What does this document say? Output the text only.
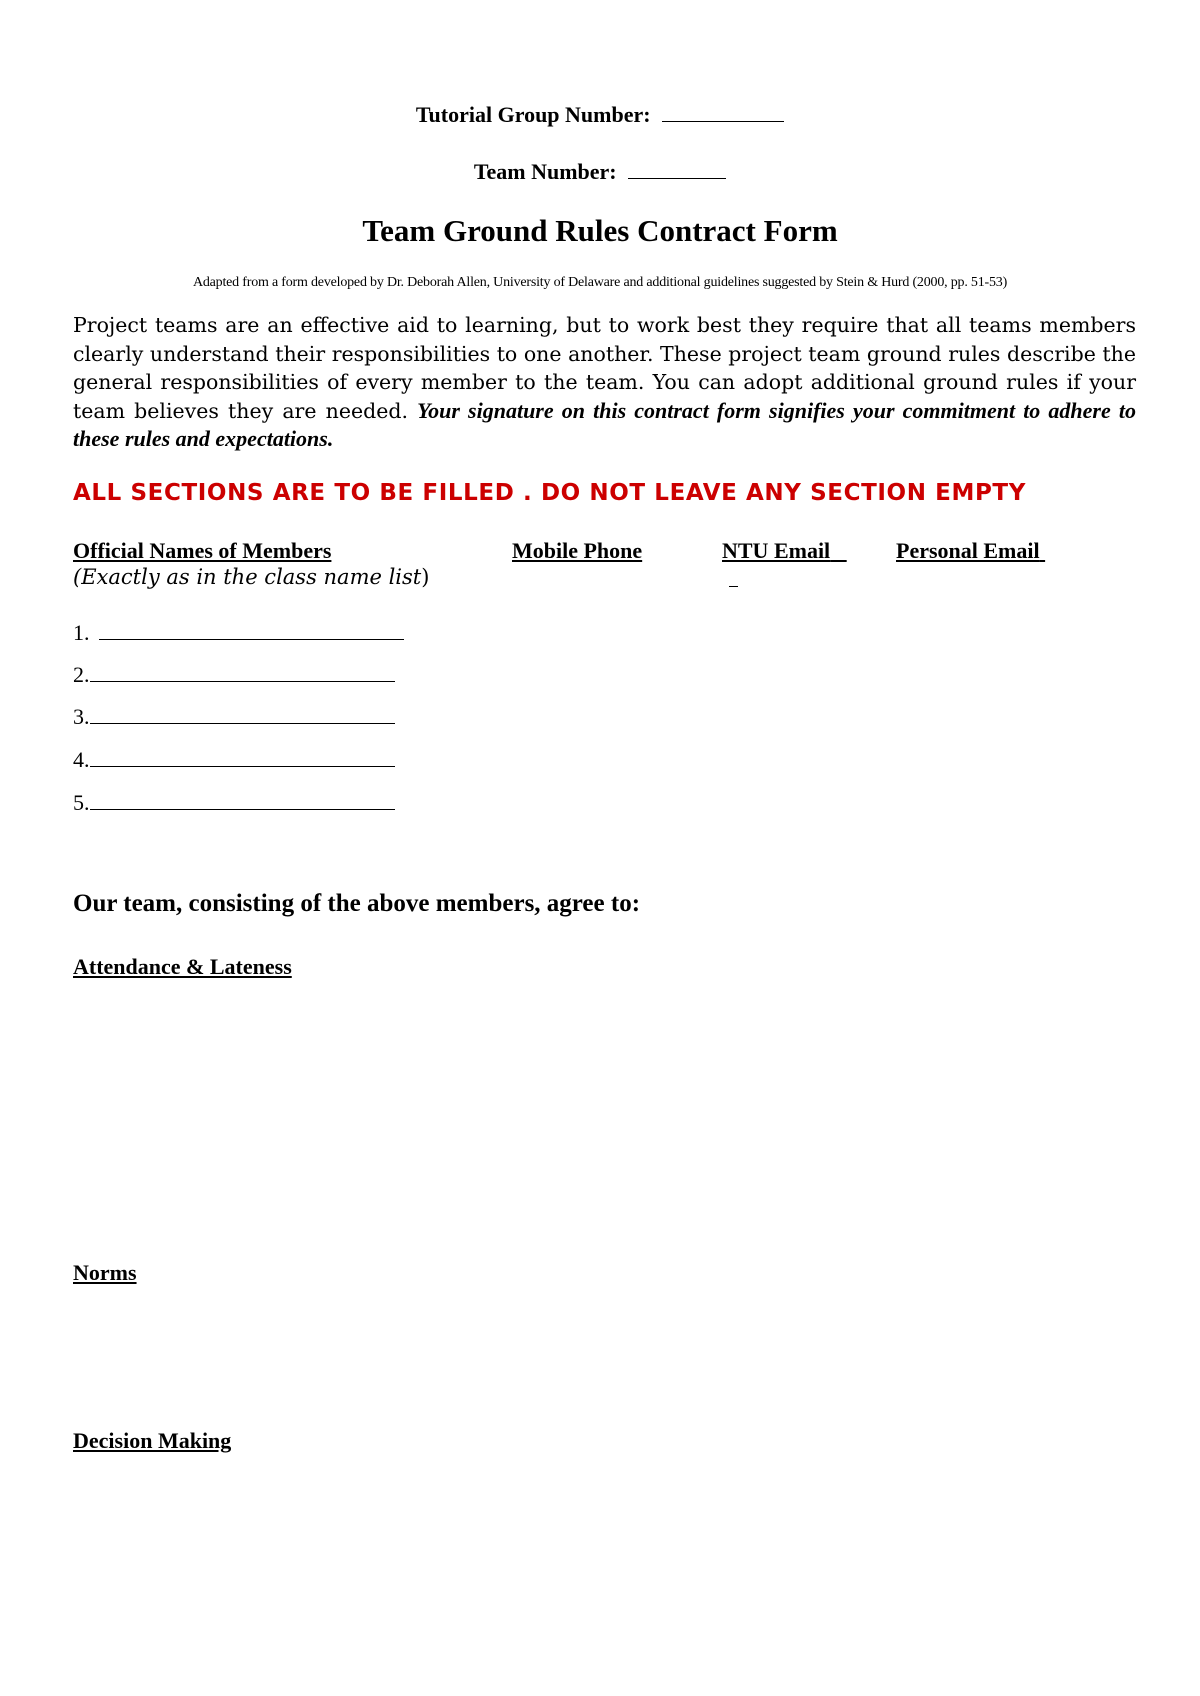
Tutorial Group Number:
Team Number:
Team Ground Rules Contract Form
Adapted from a form developed by Dr. Deborah Allen, University of Delaware and additional guidelines suggested by Stein & Hurd (2000, pp. 51-53)

Project teams are an effective aid to learning, but to work best they require that all teams members clearly understand their responsibilities to one another. These project team ground rules describe the general responsibilities of every member to the team. You can adopt additional ground rules if your team believes they are needed. Your signature on this contract form signifies your commitment to adhere to these rules and expectations.

ALL SECTIONS ARE TO BE FILLED . DO NOT LEAVE ANY SECTION EMPTY
Official Names of Members	Mobile Phone	NTU Email	Personal Email
(Exactly as in the class name list)
1.
2.
3.
4.
5.
Our team, consisting of the above members, agree to:
Attendance & Lateness
Norms
Decision Making
